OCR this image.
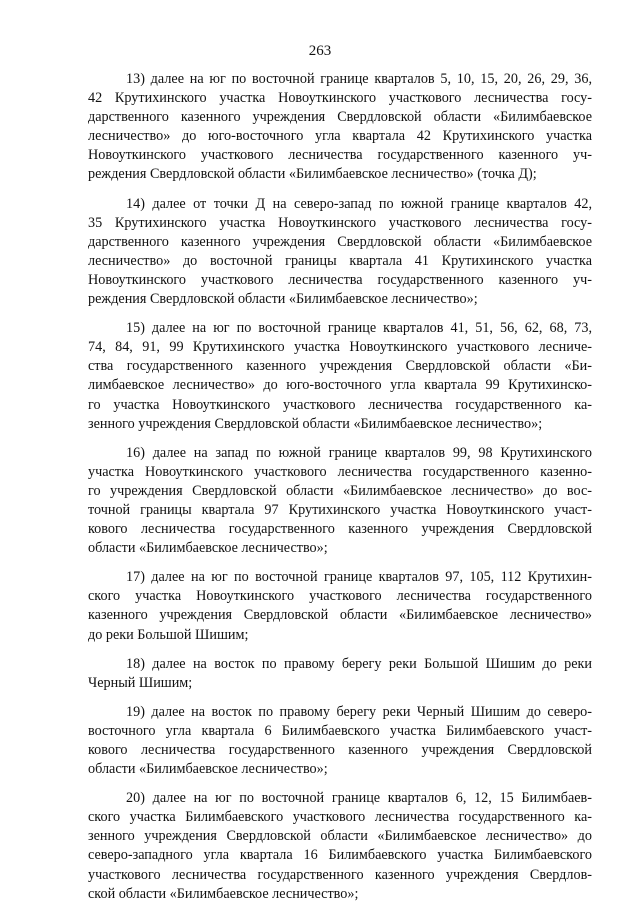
263

13) далее на юг по восточной границе кварталов 5, 10, 15, 20, 26, 29, 36,
42 Крутихинского участка Новоуткинского участкового лесничества госу-
дарственного казенного учреждения Свердловской области «Билимбаевское
лесничество» до юго-восточного угла квартала 42 Крутихинского участка
Новоуткинского участкового лесничества государственного казенного уч-
реждения Свердловской области «Билимбаевское лесничество» (точка Д);

14) далее от точки Д на северо-запад по южной границе кварталов 42,
35 Крутихинского участка Новоуткинского участкового лесничества госу-
дарственного казенного учреждения Свердловской области «Билимбаевское
лесничество» до восточной границы квартала 41 Крутихинского участка
Новоуткинского участкового лесничества государственного казенного уч-
реждения Свердловской области «Билимбаевское лесничество»;

15) далее на юг по восточной границе кварталов 41, 51, 56, 62, 68, 73,
74, 84, 91, 99 Крутихинского участка Новоуткинского участкового лесниче-
ства государственного казенного учреждения Свердловской области «Би-
лимбаевское лесничество» до юго-восточного угла квартала 99 Крутихинско-
го участка Новоуткинского участкового лесничества государственного ка-
зенного учреждения Свердловской области «Билимбаевское лесничество»;

16) далее на запад по южной границе кварталов 99, 98 Крутихинского
участка Новоуткинского участкового лесничества государственного казенно-
го учреждения Свердловской области «Билимбаевское лесничество» до вос-
точной границы квартала 97 Крутихинского участка Новоуткинского участ-
кового лесничества государственного казенного учреждения Свердловской
области «Билимбаевское лесничество»;

17) далее на юг по восточной границе кварталов 97, 105, 112 Крутихин-
ского участка Новоуткинского участкового лесничества государственного
казенного учреждения Свердловской области «Билимбаевское лесничество»
до реки Большой Шишим;

18) далее на восток по правому берегу реки Большой Шишим до реки
Черный Шишим;

19) далее на восток по правому берегу реки Черный Шишим до северо-
восточного угла квартала 6 Билимбаевского участка Билимбаевского участ-
кового лесничества государственного казенного учреждения Свердловской
области «Билимбаевское лесничество»;

20) далее на юг по восточной границе кварталов 6, 12, 15 Билимбаев-
ского участка Билимбаевского участкового лесничества государственного ка-
зенного учреждения Свердловской области «Билимбаевское лесничество» до
северо-западного угла квартала 16 Билимбаевского участка Билимбаевского
участкового лесничества государственного казенного учреждения Свердлов-
ской области «Билимбаевское лесничество»;
